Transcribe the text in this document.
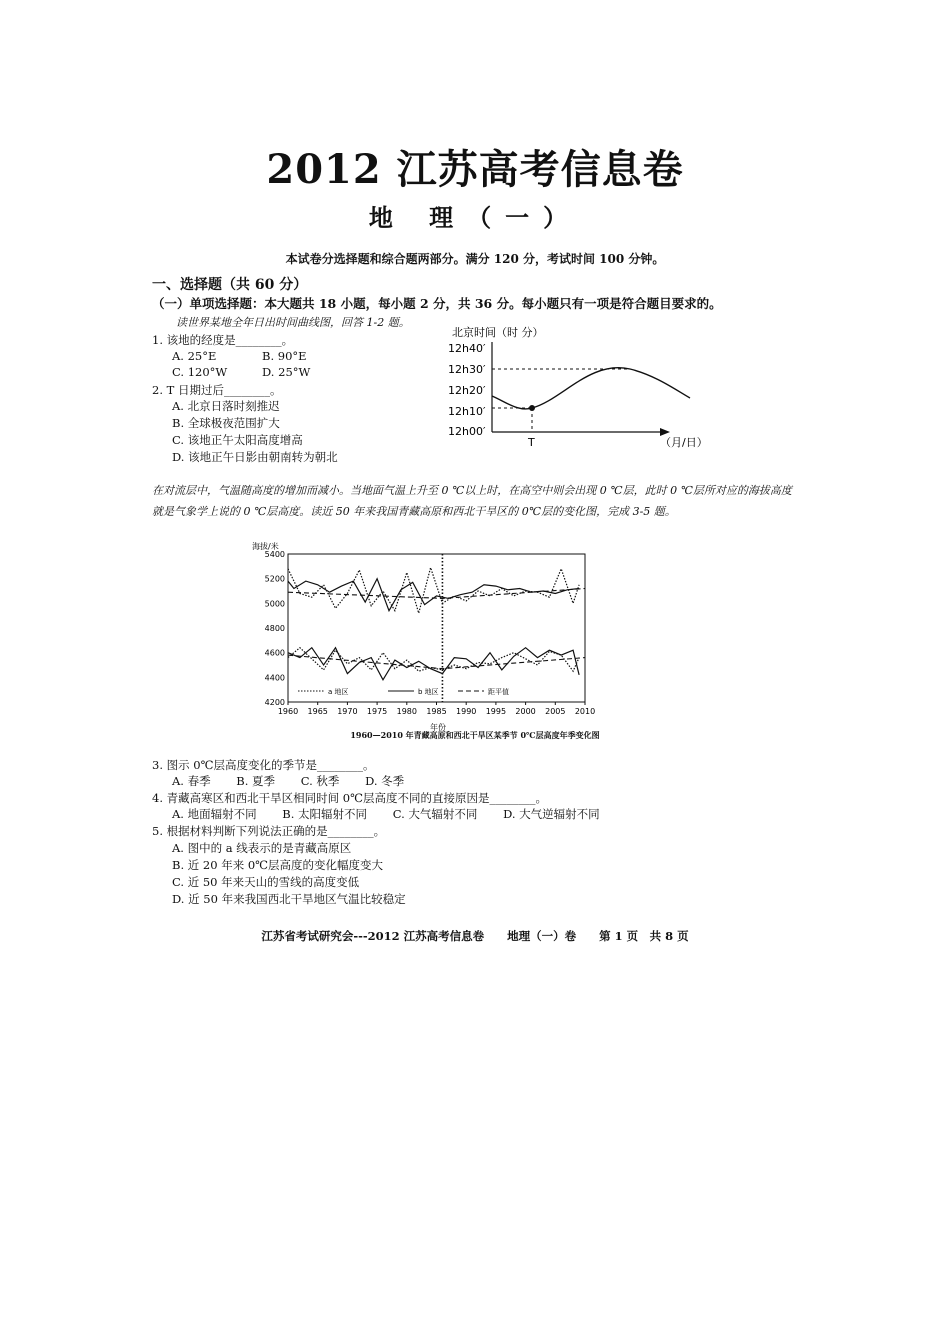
2012 江苏高考信息卷
地 理（一）
本试卷分选择题和综合题两部分。满分 120 分，考试时间 100 分钟。
一、选择题（共 60 分）
（一）单项选择题：本大题共 18 小题，每小题 2 分，共 36 分。每小题只有一项是符合题目要求的。
读世界某地全年日出时间曲线图，回答 1-2 题。
1. 该地的经度是________。
A. 25°E	B. 90°E
C. 120°W	D. 25°W
2. T 日期过后________。
A. 北京日落时刻推迟
B. 全球极夜范围扩大
C. 该地正午太阳高度增高
D. 该地正午日影由朝南转为朝北
北京时间（时 分）
12h00′
12h10′
12h20′
12h30′
12h40′
T	（月/日）
在对流层中，气温随高度的增加而减小。当地面气温上升至 0 ℃以上时，在高空中则会出现 0 ℃层，此时 0 ℃层所对应的海拔高度就是气象学上说的 0 ℃层高度。读近 50 年来我国青藏高原和西北干旱区的 0℃层的变化图，完成 3-5 题。
海拔/米
年份
4200
4400
4600
4800
5000
5200
5400
1960 1965 1970 1975 1980 1985 1990 1995 2000 2005 2010
a 地区	b 地区	距平值
1960—2010 年青藏高原和西北干旱区某季节 0℃层高度年季变化图
3. 图示 0℃层高度变化的季节是________。
A. 春季 B. 夏季 C. 秋季 D. 冬季
4. 青藏高寒区和西北干旱区相同时间 0℃层高度不同的直接原因是________。
A. 地面辐射不同 B. 太阳辐射不同 C. 大气辐射不同 D. 大气逆辐射不同
5. 根据材料判断下列说法正确的是________。
A. 图中的 a 线表示的是青藏高原区
B. 近 20 年来 0℃层高度的变化幅度变大
C. 近 50 年来天山的雪线的高度变低
D. 近 50 年来我国西北干旱地区气温比较稳定
江苏省考试研究会---2012 江苏高考信息卷　　地理（一）卷　　第 1 页　共 8 页
